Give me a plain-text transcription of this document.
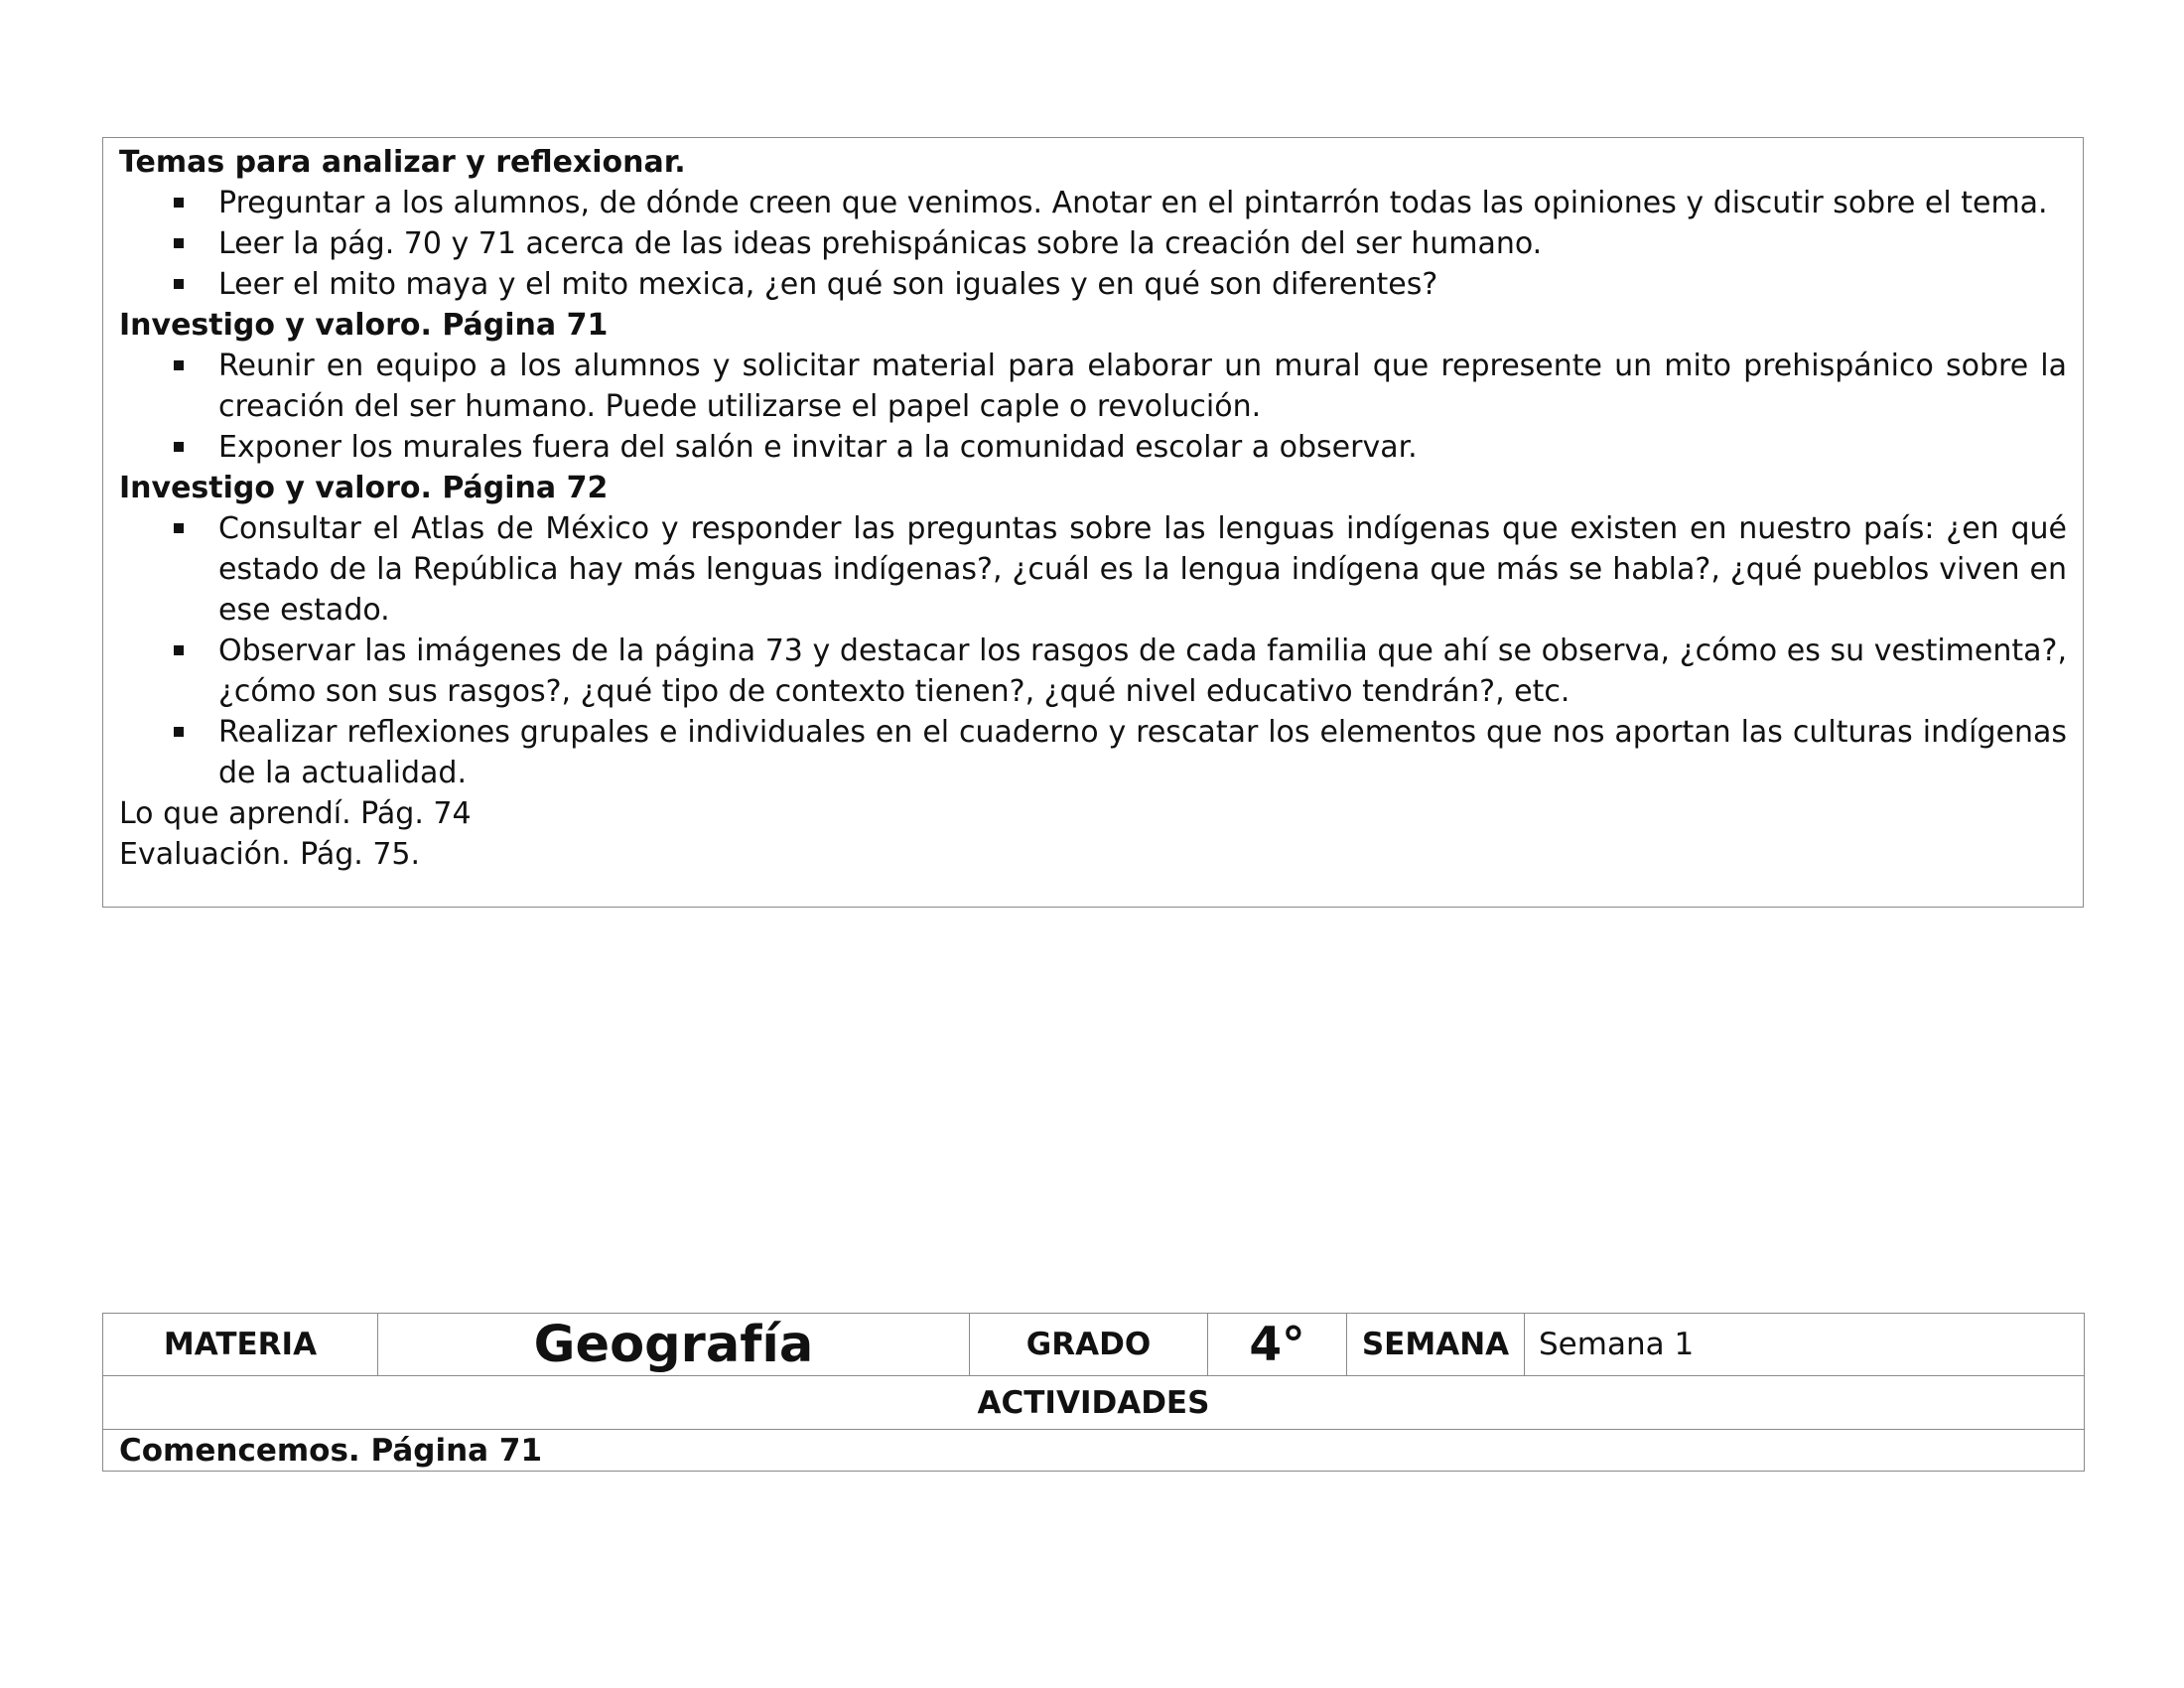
Temas para analizar y reflexionar.
Preguntar a los alumnos, de dónde creen que venimos. Anotar en el pintarrón todas las opiniones y discutir sobre el tema.
Leer la pág. 70 y 71 acerca de las ideas prehispánicas sobre la creación del ser humano.
Leer el mito maya y el mito mexica, ¿en qué son iguales y en qué son diferentes?
Investigo y valoro. Página 71
Reunir en equipo a los alumnos y solicitar material para elaborar un mural que represente un mito prehispánico sobre la creación del ser humano. Puede utilizarse el papel caple o revolución.
Exponer los murales fuera del salón e invitar a la comunidad escolar a observar.
Investigo y valoro. Página 72
Consultar el Atlas de México y responder las preguntas sobre las lenguas indígenas que existen en nuestro país: ¿en qué estado de la República hay más lenguas indígenas?, ¿cuál es la lengua indígena que más se habla?, ¿qué pueblos viven en ese estado.
Observar las imágenes de la página 73 y destacar los rasgos de cada familia que ahí se observa, ¿cómo es su vestimenta?, ¿cómo son sus rasgos?, ¿qué tipo de contexto tienen?, ¿qué nivel educativo tendrán?, etc.
Realizar reflexiones grupales e individuales en el cuaderno y rescatar los elementos que nos aportan las culturas indígenas de la actualidad.
Lo que aprendí. Pág. 74
Evaluación. Pág. 75.
MATERIA	Geografía	GRADO	4°	SEMANA	Semana 1
ACTIVIDADES
Comencemos. Página 71
